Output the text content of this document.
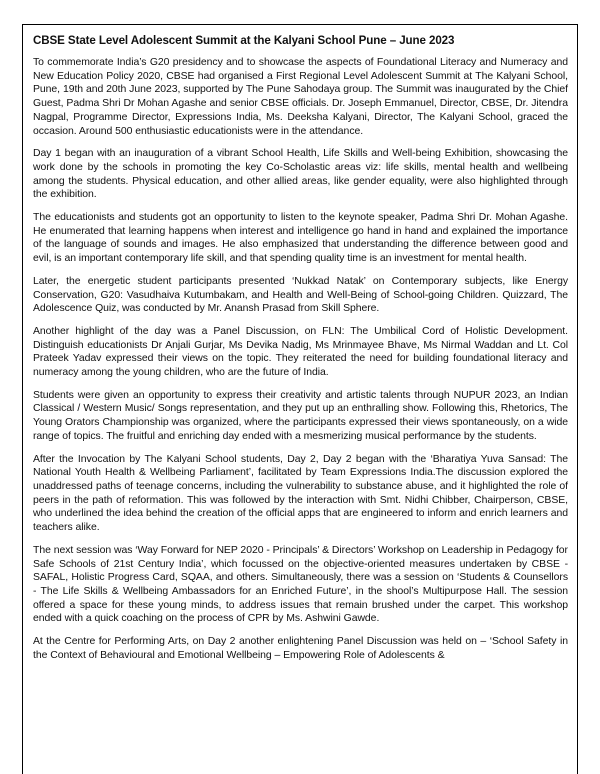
CBSE State Level Adolescent Summit at the Kalyani School Pune – June 2023

To commemorate India’s G20 presidency and to showcase the aspects of Foundational Literacy and Numeracy and New Education Policy 2020, CBSE had organised a First Regional Level Adolescent Summit at The Kalyani School, Pune, 19th and 20th June 2023, supported by The Pune Sahodaya group. The Summit was inaugurated by the Chief Guest, Padma Shri Dr Mohan Agashe and senior CBSE officials. Dr. Joseph Emmanuel, Director, CBSE, Dr. Jitendra Nagpal, Programme Director, Expressions India, Ms. Deeksha Kalyani, Director, The Kalyani School, graced the occasion. Around 500 enthusiastic educationists were in the attendance.

Day 1 began with an inauguration of a vibrant School Health, Life Skills and Well-being Exhibition, showcasing the work done by the schools in promoting the key Co-Scholastic areas viz: life skills, mental health and wellbeing among the students. Physical education, and other allied areas, like gender equality, were also highlighted through the exhibition.

The educationists and students got an opportunity to listen to the keynote speaker, Padma Shri Dr. Mohan Agashe. He enumerated that learning happens when interest and intelligence go hand in hand and explained the importance of the language of sounds and images. He also emphasized that understanding the difference between good and evil, is an important contemporary life skill, and that spending quality time is an investment for mental health.

Later, the energetic student participants presented ‘Nukkad Natak’ on Contemporary subjects, like Energy Conservation, G20: Vasudhaiva Kutumbakam, and Health and Well-Being of School-going Children. Quizzard, The Adolescence Quiz, was conducted by Mr. Anansh Prasad from Skill Sphere.

Another highlight of the day was a Panel Discussion, on FLN: The Umbilical Cord of Holistic Development. Distinguish educationists Dr Anjali Gurjar, Ms Devika Nadig, Ms Mrinmayee Bhave, Ms Nirmal Waddan and Lt. Col Prateek Yadav expressed their views on the topic. They reiterated the need for building foundational literacy and numeracy among the young children, who are the future of India.

Students were given an opportunity to express their creativity and artistic talents through NUPUR 2023, an Indian Classical / Western Music/ Songs representation, and they put up an enthralling show. Following this, Rhetorics, The Young Orators Championship was organized, where the participants expressed their views spontaneously, on a wide range of topics. The fruitful and enriching day ended with a mesmerizing musical performance by the students.

After the Invocation by The Kalyani School students, Day 2, Day 2 began with the ‘Bharatiya Yuva Sansad: The National Youth Health & Wellbeing Parliament’, facilitated by Team Expressions India.The discussion explored the unaddressed paths of teenage concerns, including the vulnerability to substance abuse, and it highlighted the role of peers in the path of reformation. This was followed by the interaction with Smt. Nidhi Chibber, Chairperson, CBSE, who underlined the idea behind the creation of the official apps that are engineered to inform and enrich learners and teachers alike.

The next session was ‘Way Forward for NEP 2020 - Principals’ & Directors’ Workshop on Leadership in Pedagogy for Safe Schools of 21st Century India’, which focussed on the objective-oriented measures undertaken by CBSE - SAFAL, Holistic Progress Card, SQAA, and others. Simultaneously, there was a session on ‘Students & Counsellors - The Life Skills & Wellbeing Ambassadors for an Enriched Future’, in the shool’s Multipurpose Hall. The session offered a space for these young minds, to address issues that remain brushed under the carpet. This workshop ended with a quick coaching on the process of CPR by Ms. Ashwini Gawde.

At the Centre for Performing Arts, on Day 2 another enlightening Panel Discussion was held on – ‘School Safety in the Context of Behavioural and Emotional Wellbeing – Empowering Role of Adolescents &
